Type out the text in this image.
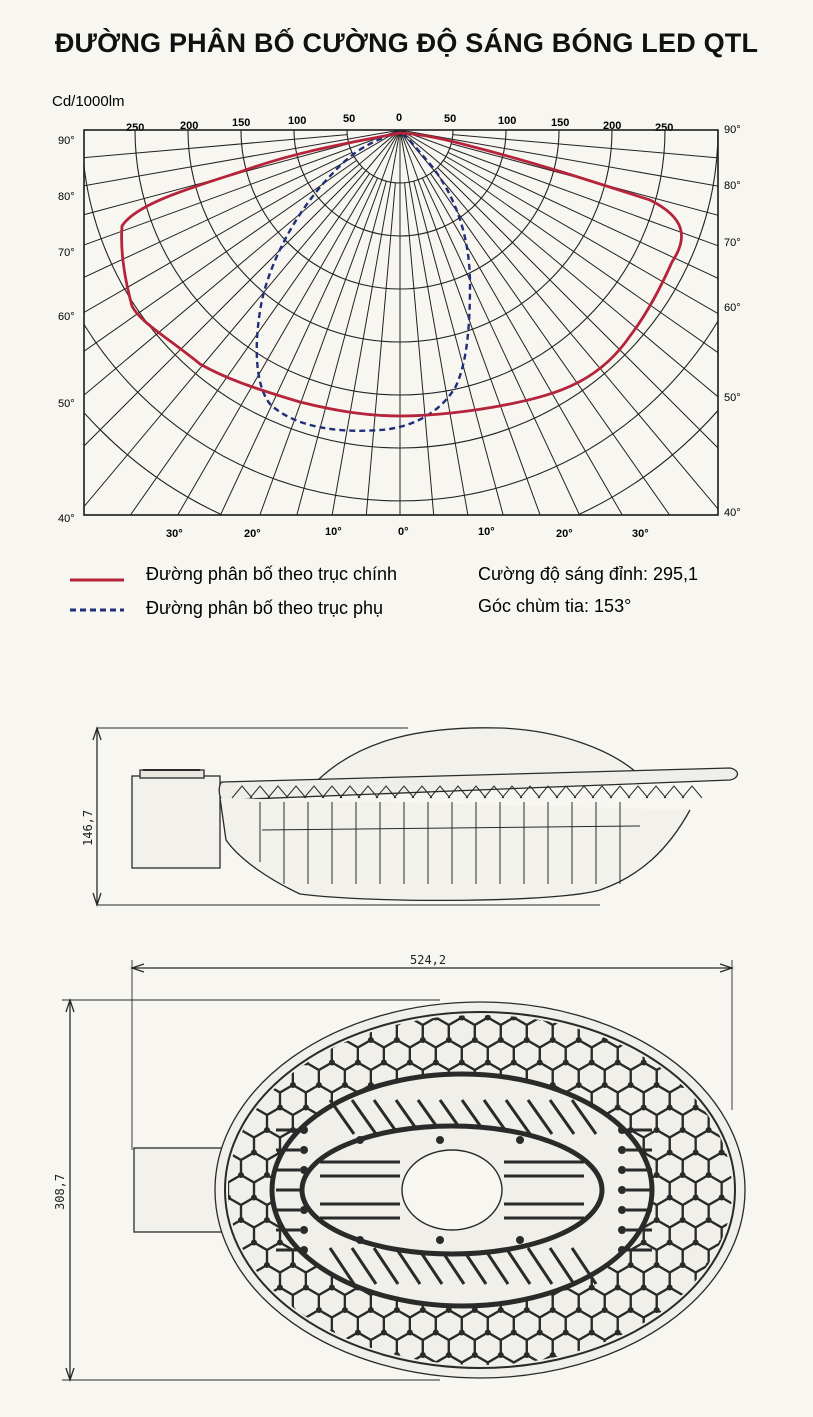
ĐƯỜNG PHÂN BỐ CƯỜNG ĐỘ SÁNG BÓNG LED QTL
Cd/1000lm
250	200	150	100	50	0	50	100	150	200	250
90°
80°
70°
60°
50°
40°
90°
80°
70°
60°
50°
40°
30°	20°	10°	0°	10°	20°	30°
Đường phân bố theo trục chính
Đường phân bố theo trục phụ
Cường độ sáng đỉnh: 295,1
Góc chùm tia: 153°
146,7
524,2
308,7
